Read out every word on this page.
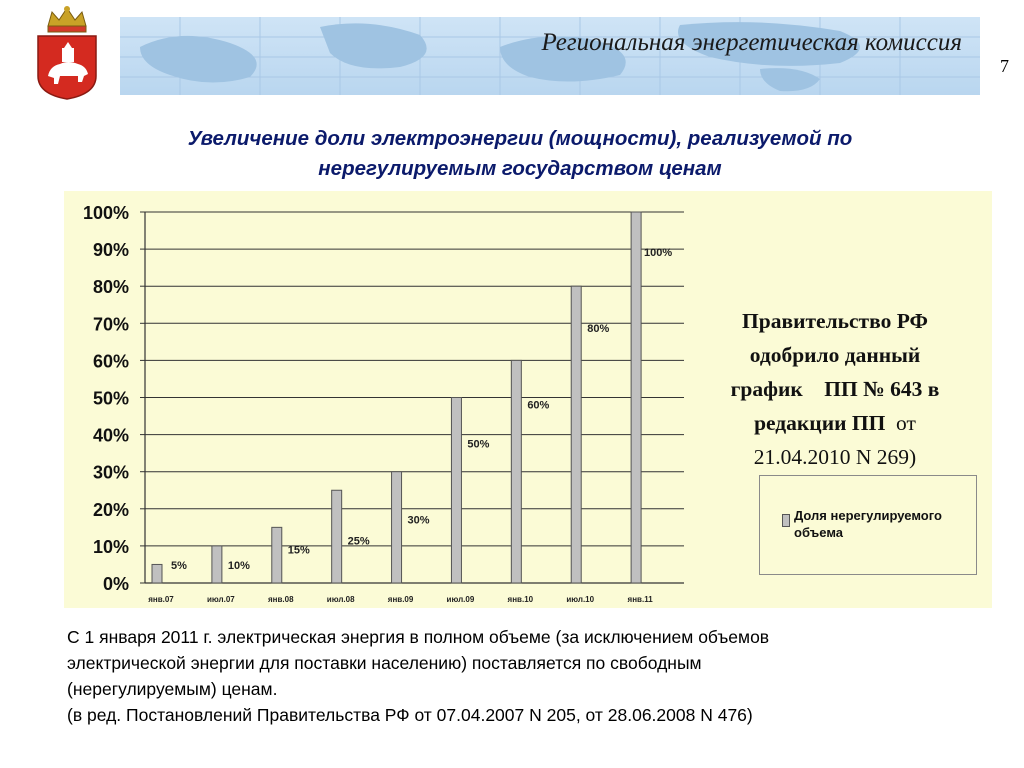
Региональная энергетическая комиссия
7
Увеличение доли электроэнергии (мощности), реализуемой по
нерегулируемым государством ценам
0%
10%
20%
30%
40%
50%
60%
70%
80%
90%
100%
5%
янв.07
10%
июл.07
15%
янв.08
25%
июл.08
30%
янв.09
50%
июл.09
60%
янв.10
80%
июл.10
100%
янв.11
Правительство РФ
одобрило данный
график ПП № 643 в
редакции ПП от
21.04.2010 N 269)
Доля нерегулируемого объема

С 1 января 2011 г. электрическая энергия в полном объеме (за исключением объемов

электрической энергии для поставки населению) поставляется по свободным

(нерегулируемым) ценам.

(в ред. Постановлений Правительства РФ от 07.04.2007 N 205, от 28.06.2008 N 476)
